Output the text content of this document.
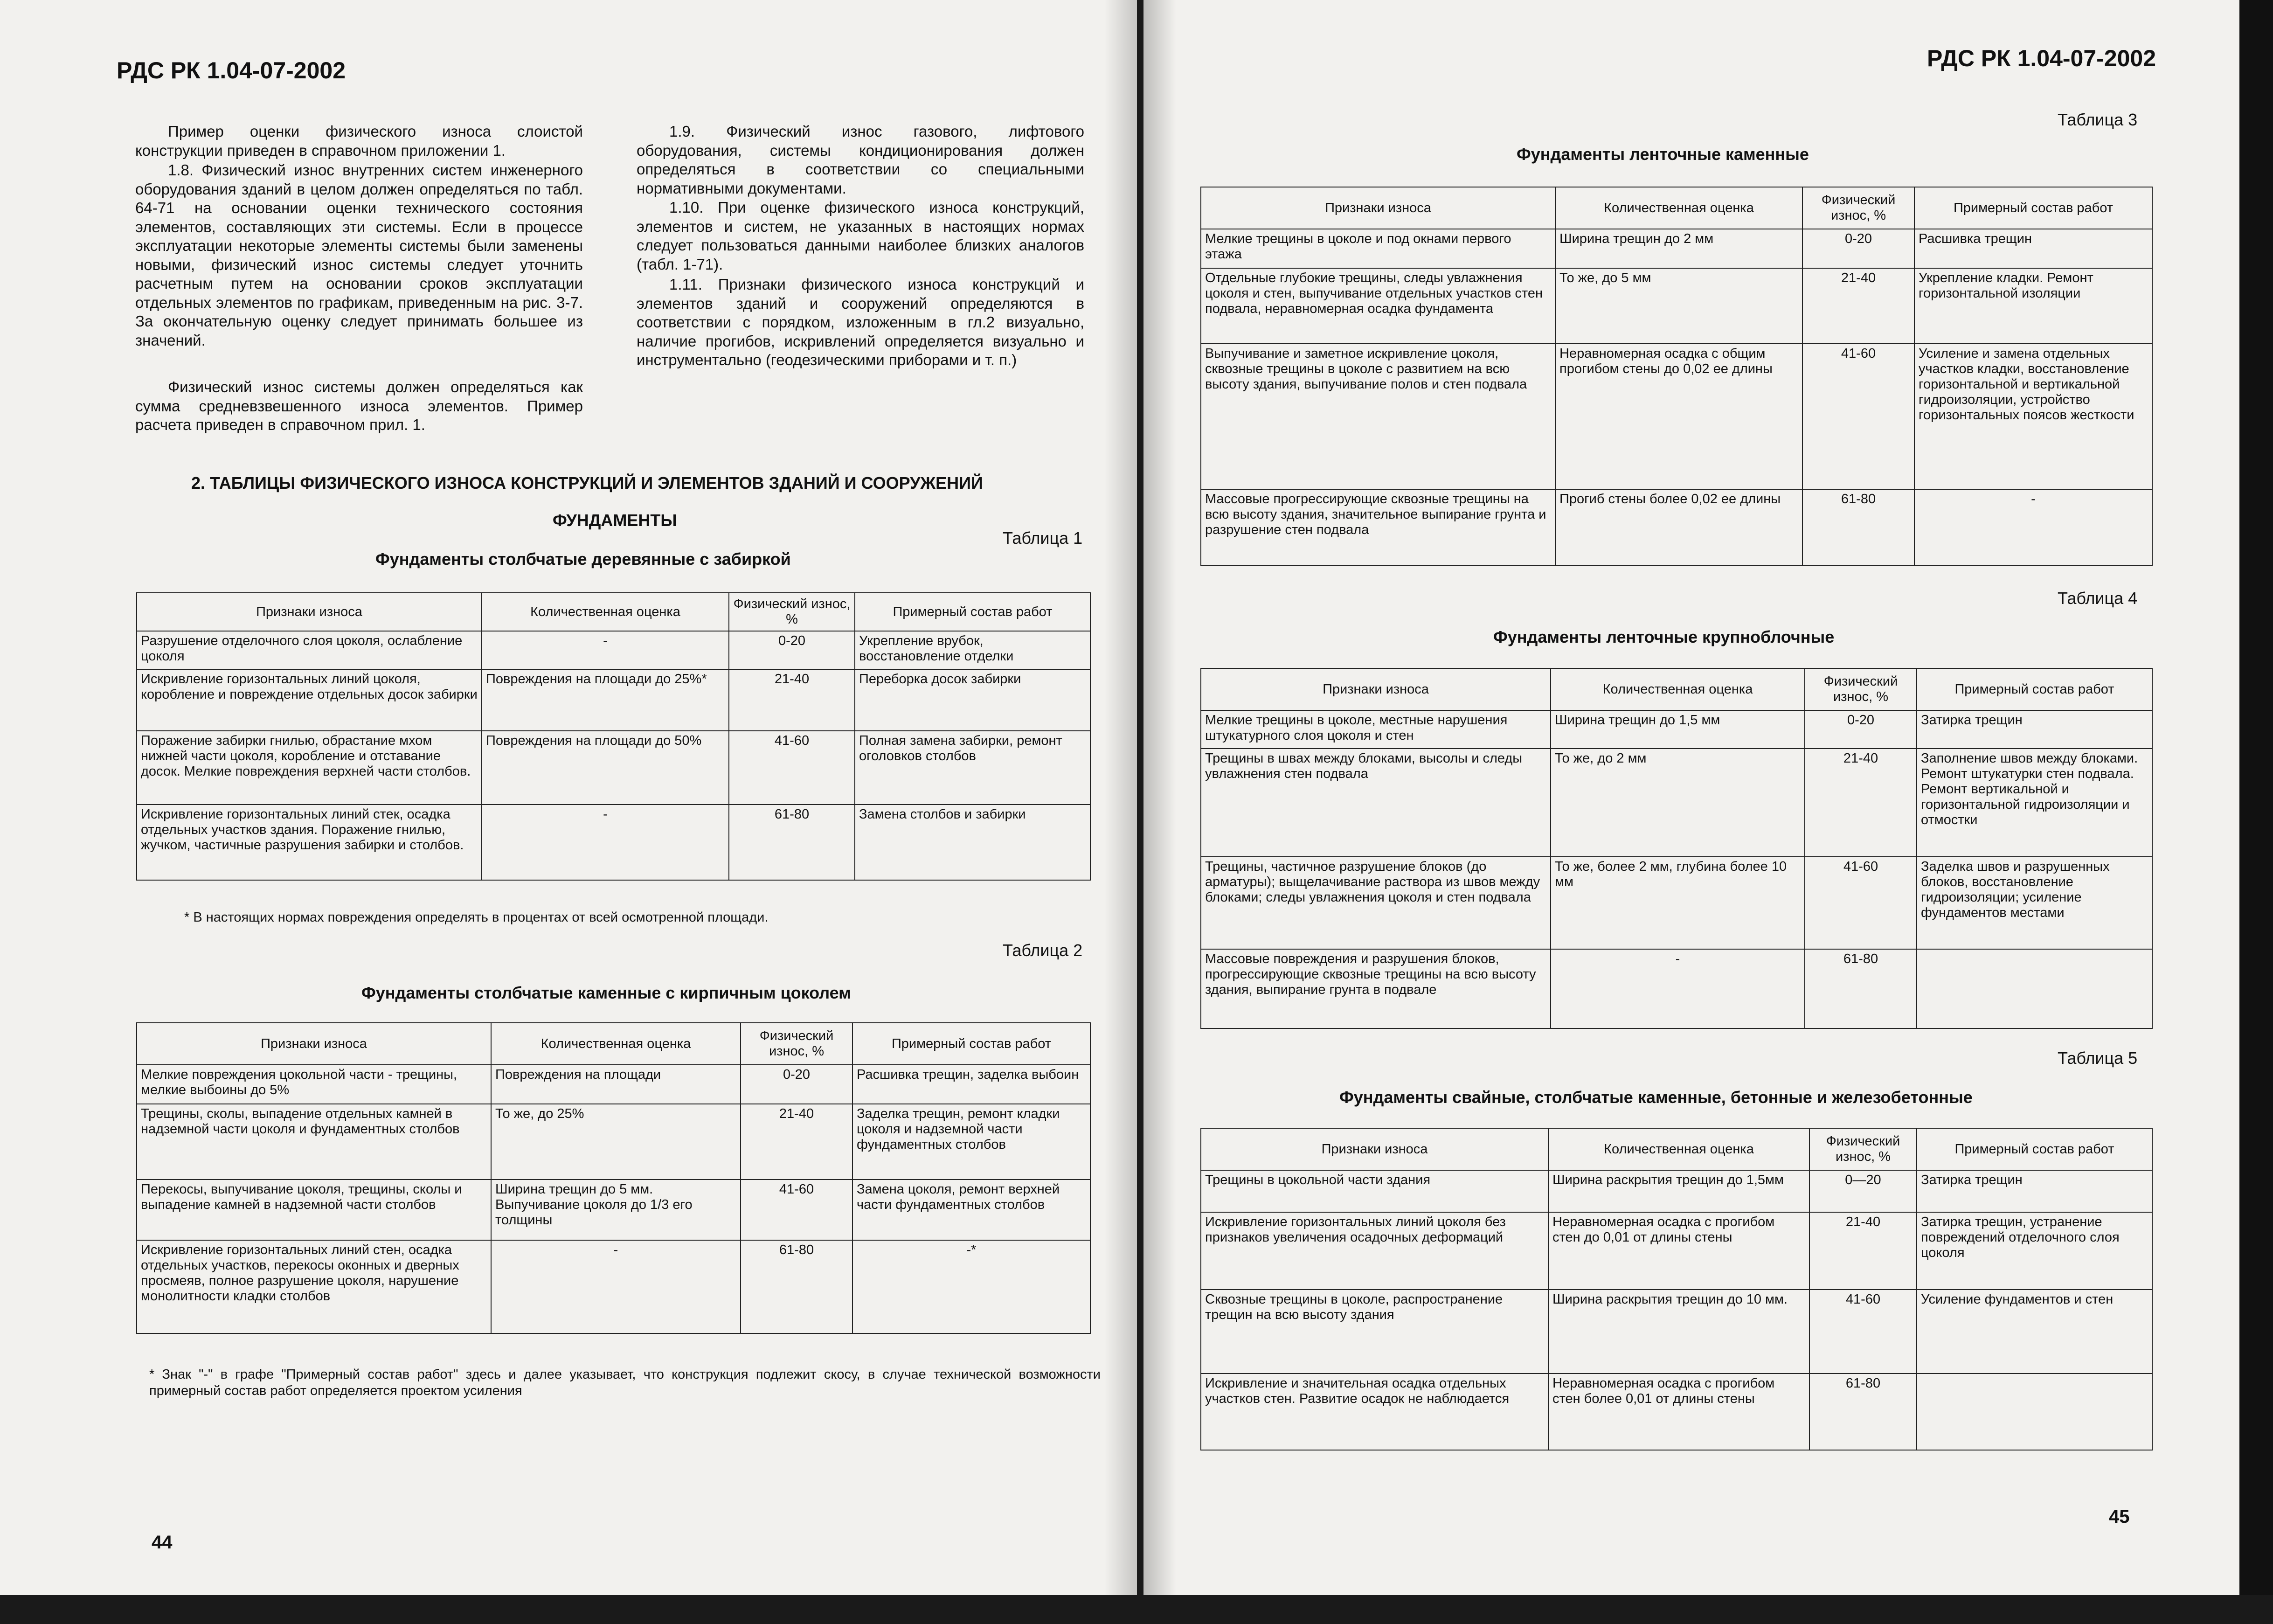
РДС РК 1.04-07-2002

Пример оценки физического износа слоистой конструкции приведен в справочном приложении 1.

1.8. Физический износ внутренних систем инженерного оборудования зданий в целом должен определяться по табл. 64-71 на основании оценки технического состояния элементов, составляющих эти системы. Если в процессе эксплуатации некоторые элементы системы были заменены новыми, физический износ системы следует уточнить расчетным путем на основании сроков эксплуатации отдельных элементов по графикам, приведенным на рис. 3-7. За окончательную оценку следует принимать большее из значений.

Физический износ системы должен определяться как сумма средневзвешенного износа элементов. Пример расчета приведен в справочном прил. 1.

1.9. Физический износ газового, лифтового оборудования, системы кондиционирования должен определяться в соответствии со специальными нормативными документами.

1.10. При оценке физического износа конструкций, элементов и систем, не указанных в настоящих нормах следует пользоваться данными наиболее близких аналогов (табл. 1-71).

1.11. Признаки физического износа конструкций и элементов зданий и сооружений определяются в соответствии с порядком, изложенным в гл.2 визуально, наличие прогибов, искривлений определяется визуально и инструментально (геодезическими приборами и т. п.)

2. ТАБЛИЦЫ ФИЗИЧЕСКОГО ИЗНОСА КОНСТРУКЦИЙ И ЭЛЕМЕНТОВ ЗДАНИЙ И СООРУЖЕНИЙ
ФУНДАМЕНТЫ
Таблица 1
Фундаменты столбчатые деревянные с забиркой
Признаки износа	Количественная оценка	Физический износ, %	Примерный состав работ
Разрушение отделочного слоя цоколя, ослабление цоколя	-	0-20	Укрепление врубок, восстановление отделки
Искривление горизонтальных линий цоколя, коробление и повреждение отдельных досок забирки	Повреждения на площади до 25%*	21-40	Переборка досок забирки
Поражение забирки гнилью, обрастание мхом нижней части цоколя, коробление и отставание досок. Мелкие повреждения верхней части столбов.	Повреждения на площади до 50%	41-60	Полная замена забирки, ремонт оголовков столбов
Искривление горизонтальных линий стек, осадка отдельных участков здания. Поражение гнилью, жучком, частичные разрушения забирки и столбов.	-	61-80	Замена столбов и забирки

* В настоящих нормах повреждения определять в процентах от всей осмотренной площади.

Таблица 2
Фундаменты столбчатые каменные с кирпичным цоколем
Признаки износа	Количественная оценка	Физический износ, %	Примерный состав работ
Мелкие повреждения цокольной части - трещины, мелкие выбоины до 5%	Повреждения на площади	0-20	Расшивка трещин, заделка выбоин
Трещины, сколы, выпадение отдельных камней в надземной части цоколя и фундаментных столбов	То же, до 25%	21-40	Заделка трещин, ремонт кладки цоколя и надземной части фундаментных столбов
Перекосы, выпучивание цоколя, трещины, сколы и выпадение камней в надземной части столбов	Ширина трещин до 5 мм. Выпучивание цоколя до 1/3 его толщины	41-60	Замена цоколя, ремонт верхней части фундаментных столбов
Искривление горизонтальных линий стен, осадка отдельных участков, перекосы оконных и дверных просмеяв, полное разрушение цоколя, нарушение монолитности кладки столбов	-	61-80	-*

* Знак "-" в графе "Примерный состав работ" здесь и далее указывает, что конструкция подлежит скосу, в случае технической возможности примерный состав работ определяется проектом усиления

44
РДС РК 1.04-07-2002
Таблица 3
Фундаменты ленточные каменные
Признаки износа	Количественная оценка	Физический износ, %	Примерный состав работ
Мелкие трещины в цоколе и под окнами первого этажа	Ширина трещин до 2 мм	0-20	Расшивка трещин
Отдельные глубокие трещины, следы увлажнения цоколя и стен, выпучивание отдельных участков стен подвала, неравномерная осадка фундамента	То же, до 5 мм	21-40	Укрепление кладки. Ремонт горизонтальной изоляции
Выпучивание и заметное искривление цоколя, сквозные трещины в цоколе с развитием на всю высоту здания, выпучивание полов и стен подвала	Неравномерная осадка с общим прогибом стены до 0,02 ее длины	41-60	Усиление и замена отдельных участков кладки, восстановление горизонтальной и вертикальной гидроизоляции, устройство горизонтальных поясов жесткости
Массовые прогрессирующие сквозные трещины на всю высоту здания, значительное выпирание грунта и разрушение стен подвала	Прогиб стены более 0,02 ее длины	61-80	-
Таблица 4
Фундаменты ленточные крупноблочные
Признаки износа	Количественная оценка	Физический износ, %	Примерный состав работ
Мелкие трещины в цоколе, местные нарушения штукатурного слоя цоколя и стен	Ширина трещин до 1,5 мм	0-20	Затирка трещин
Трещины в швах между блоками, высолы и следы увлажнения стен подвала	То же, до 2 мм	21-40	Заполнение швов между блоками. Ремонт штукатурки стен подвала. Ремонт вертикальной и горизонтальной гидроизоляции и отмостки
Трещины, частичное разрушение блоков (до арматуры); выщелачивание раствора из швов между блоками; следы увлажнения цоколя и стен подвала	То же, более 2 мм, глубина более 10 мм	41-60	Заделка швов и разрушенных блоков, восстановление гидроизоляции; усиление фундаментов местами
Массовые повреждения и разрушения блоков, прогрессирующие сквозные трещины на всю высоту здания, выпирание грунта в подвале	-	61-80	
Таблица 5
Фундаменты свайные, столбчатые каменные, бетонные и железобетонные
Признаки износа	Количественная оценка	Физический износ, %	Примерный состав работ
Трещины в цокольной части здания	Ширина раскрытия трещин до 1,5мм	0—20	Затирка трещин
Искривление горизонтальных линий цоколя без признаков увеличения осадочных деформаций	Неравномерная осадка с прогибом стен до 0,01 от длины стены	21-40	Затирка трещин, устранение повреждений отделочного слоя цоколя
Сквозные трещины в цоколе, распространение трещин на всю высоту здания	Ширина раскрытия трещин до 10 мм.	41-60	Усиление фундаментов и стен
Искривление и значительная осадка отдельных участков стен. Развитие осадок не наблюдается	Неравномерная осадка с прогибом стен более 0,01 от длины стены	61-80	
45
